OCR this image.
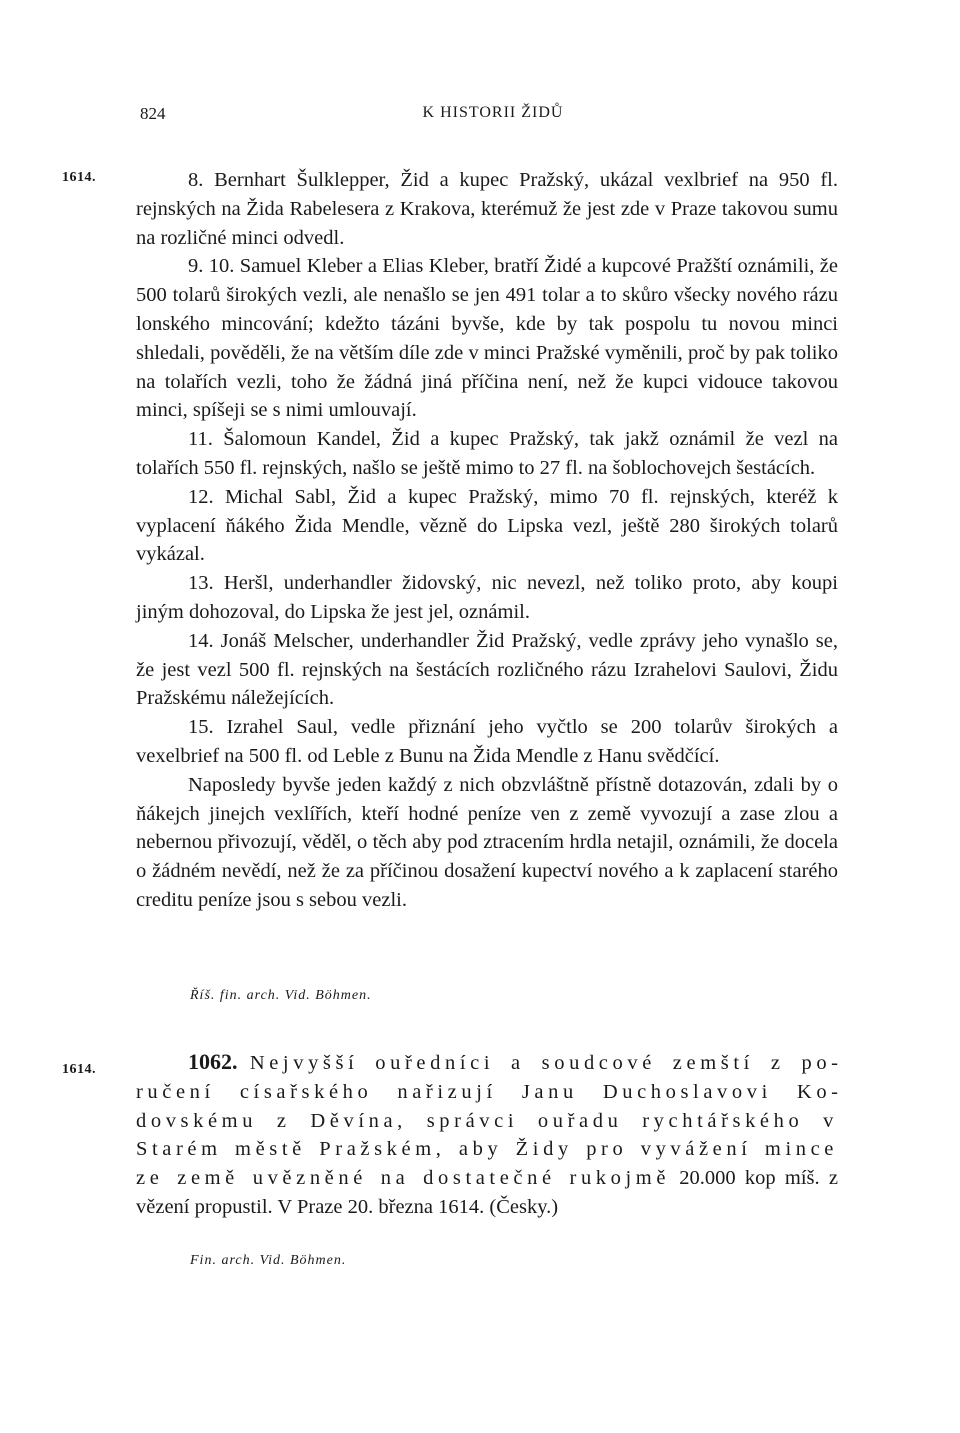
824	K HISTORII ŽIDŮ
1614.	8. Bernhart Šulklepper, Žid a kupec Pražský, ukázal vexlbrief na 950 fl. rejnských na Žida Rabelesera z Krakova, kterémuž že jest zde v Praze takovou sumu na rozličné minci odvedl.

9. 10. Samuel Kleber a Elias Kleber, bratří Židé a kupcové Pražští oznámili, že 500 tolarů širokých vezli, ale nenašlo se jen 491 tolar a to skůro všecky nového rázu lonského mincování; kdežto tázáni byvše, kde by tak pospolu tu novou minci shledali, pověděli, že na větším díle zde v minci Pražské vyměnili, proč by pak toliko na tolařích vezli, toho že žádná jiná příčina není, než že kupci vidouce takovou minci, spíšeji se s nimi umlouvají.

11. Šalomoun Kandel, Žid a kupec Pražský, tak jakž oznámil že vezl na tolařích 550 fl. rejnských, našlo se ještě mimo to 27 fl. na šoblochovejch šestácích.

12. Michal Sabl, Žid a kupec Pražský, mimo 70 fl. rejnských, kteréž k vyplacení ňákého Žida Mendle, vězně do Lipska vezl, ještě 280 širokých tolarů vykázal.

13. Heršl, underhandler židovský, nic nevezl, než toliko proto, aby koupi jiným dohozoval, do Lipska že jest jel, oznámil.

14. Jonáš Melscher, underhandler Žid Pražský, vedle zprávy jeho vynašlo se, že jest vezl 500 fl. rejnských na šestácích rozličného rázu Izrahelovi Saulovi, Židu Pražskému náležejících.

15. Izrahel Saul, vedle přiznání jeho vyčtlo se 200 tolarův širokých a vexelbrief na 500 fl. od Leble z Bunu na Žida Mendle z Hanu svědčící.

Naposledy byvše jeden každý z nich obzvláštně přístně dotazován, zdali by o ňákejch jinejch vexlířích, kteří hodné peníze ven z země vyvozují a zase zlou a nebernou přivozují, věděl, o těch aby pod ztracením hrdla netajil, oznámili, že docela o žádném nevědí, než že za příčinou dosažení kupectví nového a k zaplacení starého creditu peníze jsou s sebou vezli.

Říš. fin. arch. Vid. Böhmen.
1614.	1062. Nejvyšší ouředníci a soudcové zemští z poručení císařského nařizují Janu Duchoslavovi Kodovskému z Děvína, správci ouřadu rychtářského v Starém městě Pražském, aby Židy pro vyvážení mince ze země uvězněné na dostatečné rukojmě 20.000 kop míš. z vězení propustil. V Praze 20. března 1614. (Česky.)

Fin. arch. Vid. Böhmen.
